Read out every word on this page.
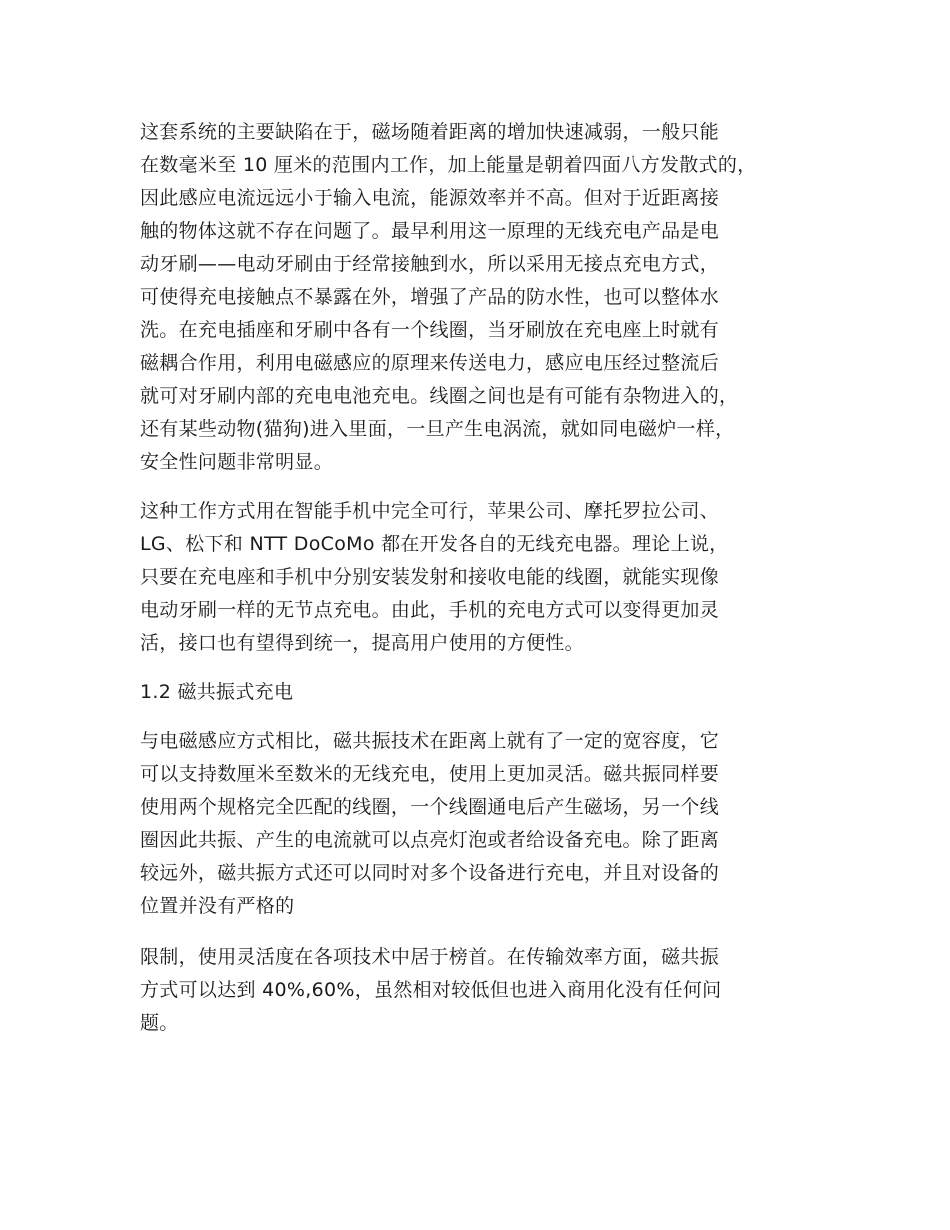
这套系统的主要缺陷在于，磁场随着距离的增加快速减弱，一般只能
在数毫米至 10 厘米的范围内工作，加上能量是朝着四面八方发散式的，
因此感应电流远远小于输入电流，能源效率并不高。但对于近距离接
触的物体这就不存在问题了。最早利用这一原理的无线充电产品是电
动牙刷——电动牙刷由于经常接触到水，所以采用无接点充电方式，
可使得充电接触点不暴露在外，增强了产品的防水性，也可以整体水
洗。在充电插座和牙刷中各有一个线圈，当牙刷放在充电座上时就有
磁耦合作用，利用电磁感应的原理来传送电力，感应电压经过整流后
就可对牙刷内部的充电电池充电。线圈之间也是有可能有杂物进入的，
还有某些动物(猫狗)进入里面，一旦产生电涡流，就如同电磁炉一样，
安全性问题非常明显。
这种工作方式用在智能手机中完全可行，苹果公司、摩托罗拉公司、
LG、松下和 NTT DoCoMo 都在开发各自的无线充电器。理论上说，
只要在充电座和手机中分别安装发射和接收电能的线圈，就能实现像
电动牙刷一样的无节点充电。由此，手机的充电方式可以变得更加灵
活，接口也有望得到统一，提高用户使用的方便性。
1.2 磁共振式充电
与电磁感应方式相比，磁共振技术在距离上就有了一定的宽容度，它
可以支持数厘米至数米的无线充电，使用上更加灵活。磁共振同样要
使用两个规格完全匹配的线圈，一个线圈通电后产生磁场，另一个线
圈因此共振、产生的电流就可以点亮灯泡或者给设备充电。除了距离
较远外，磁共振方式还可以同时对多个设备进行充电，并且对设备的
位置并没有严格的
限制，使用灵活度在各项技术中居于榜首。在传输效率方面，磁共振
方式可以达到 40%,60%，虽然相对较低但也进入商用化没有任何问
题。
